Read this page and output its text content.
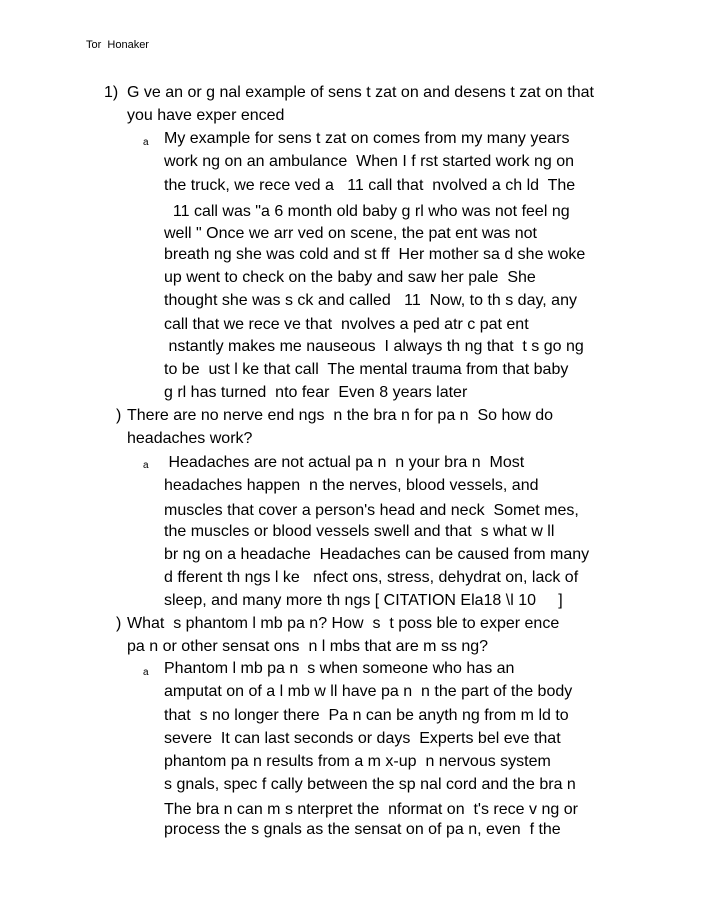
Tor  Honaker
1) G ve an or g nal example of sens t zat on and desens t zat on that
you have exper enced
a My example for sens t zat on comes from my many years
work ng on an ambulance  When I f rst started work ng on
the truck, we rece ved a   11 call that  nvolved a ch ld  The
11 call was "a 6 month old baby g rl who was not feel ng
well " Once we arr ved on scene, the pat ent was not
breath ng she was cold and st ff  Her mother sa d she woke
up went to check on the baby and saw her pale  She
thought she was s ck and called   11  Now, to th s day, any
call that we rece ve that  nvolves a ped atr c pat ent
nstantly makes me nauseous  I always th ng that  t s go ng
to be  ust l ke that call  The mental trauma from that baby
g rl has turned  nto fear  Even 8 years later
) There are no nerve end ngs  n the bra n for pa n  So how do
headaches work?
a Headaches are not actual pa n  n your bra n  Most
headaches happen  n the nerves, blood vessels, and
muscles that cover a person's head and neck  Somet mes,
the muscles or blood vessels swell and that  s what w ll
br ng on a headache  Headaches can be caused from many
d fferent th ngs l ke   nfect ons, stress, dehydrat on, lack of
sleep, and many more th ngs [ CITATION Ela18 \l 10     ]
) What  s phantom l mb pa n? How  s  t poss ble to exper ence
pa n or other sensat ons  n l mbs that are m ss ng?
a Phantom l mb pa n  s when someone who has an
amputat on of a l mb w ll have pa n  n the part of the body
that  s no longer there  Pa n can be anyth ng from m ld to
severe  It can last seconds or days  Experts bel eve that
phantom pa n results from a m x-up  n nervous system
s gnals, spec f cally between the sp nal cord and the bra n
The bra n can m s nterpret the  nformat on  t's rece v ng or
process the s gnals as the sensat on of pa n, even  f the
